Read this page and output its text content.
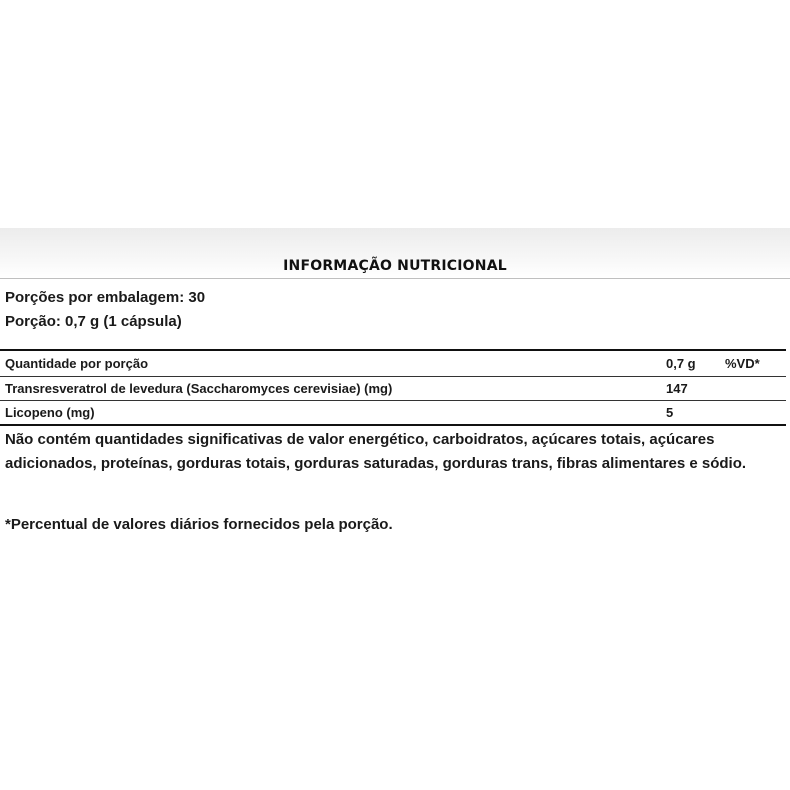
INFORMAÇÃO NUTRICIONAL
Porções por embalagem: 30
Porção: 0,7 g (1 cápsula)
Quantidade por porção	0,7 g %VD*
Transresveratrol de levedura (Saccharomyces cerevisiae) (mg)	147
Licopeno (mg)	5
Não contém quantidades significativas de valor energético, carboidratos, açúcares totais, açúcares adicionados, proteínas, gorduras totais, gorduras saturadas, gorduras trans, fibras alimentares e sódio.
*Percentual de valores diários fornecidos pela porção.
